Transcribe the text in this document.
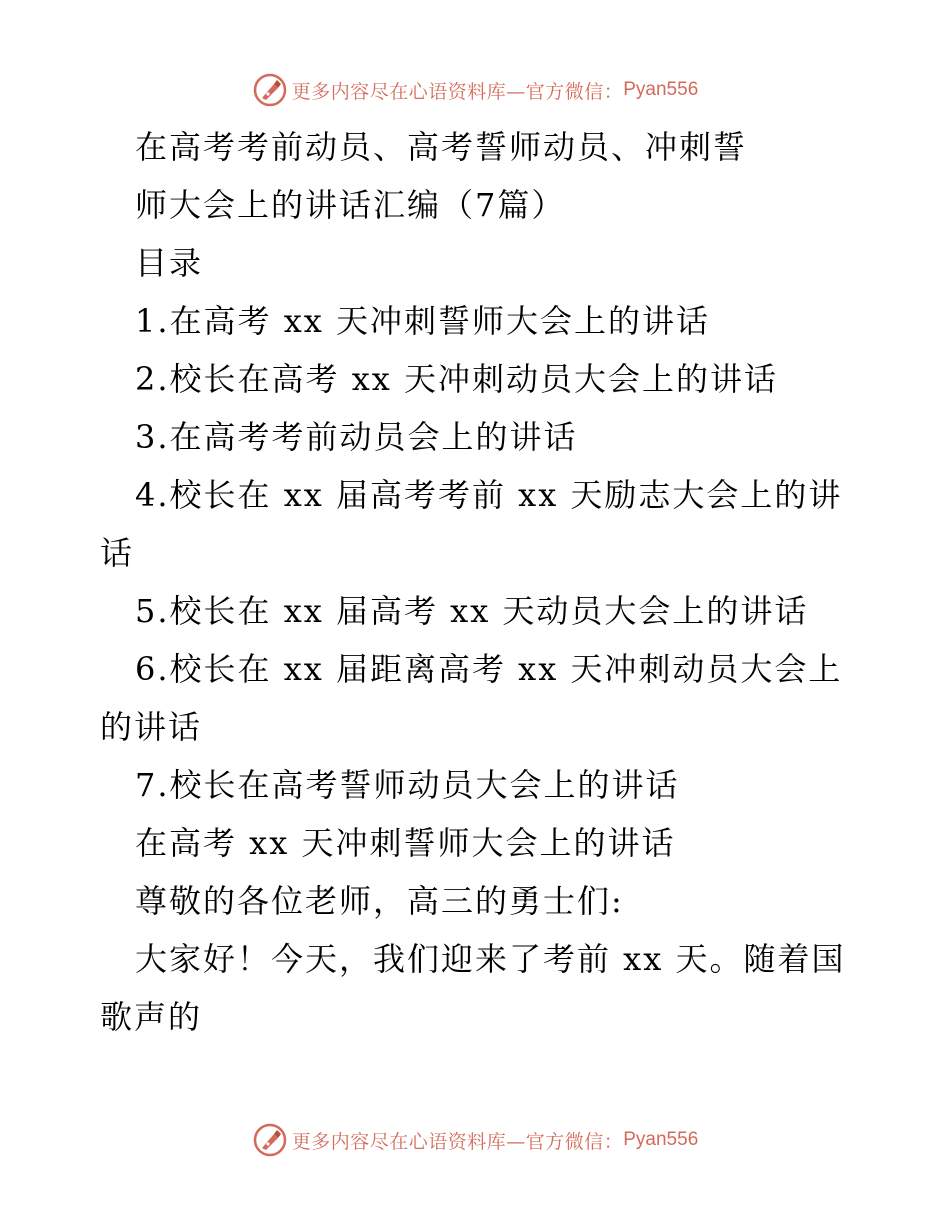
更多内容尽在心语资料库—官方微信： Pyan556
在高考考前动员、高考誓师动员、冲刺誓
师大会上的讲话汇编（7篇）
目录
1.在高考 xx 天冲刺誓师大会上的讲话
2.校长在高考 xx 天冲刺动员大会上的讲话
3.在高考考前动员会上的讲话
4.校长在 xx 届高考考前 xx 天励志大会上的讲
话
5.校长在 xx 届高考 xx 天动员大会上的讲话
6.校长在 xx 届距离高考 xx 天冲刺动员大会上
的讲话
7.校长在高考誓师动员大会上的讲话
在高考 xx 天冲刺誓师大会上的讲话
尊敬的各位老师，高三的勇士们:
大家好！今天，我们迎来了考前 xx 天。随着国
歌声的
更多内容尽在心语资料库—官方微信： Pyan556
